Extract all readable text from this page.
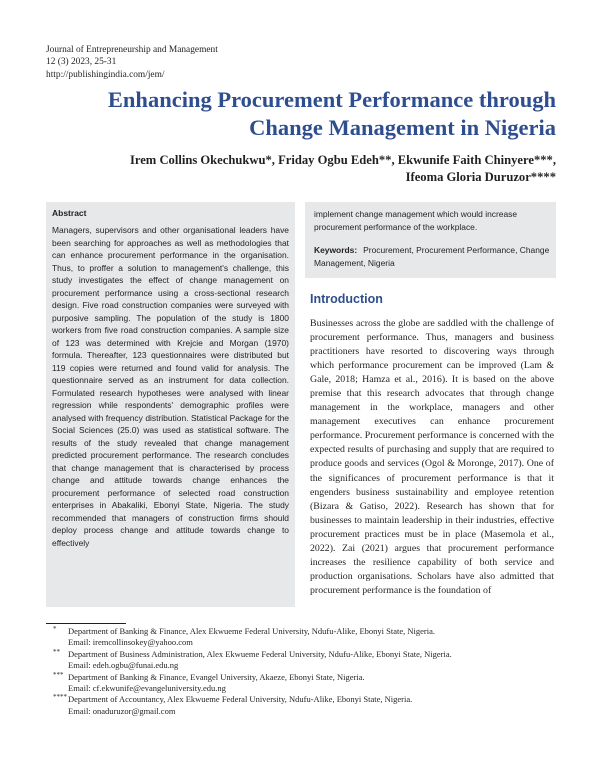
Journal of Entrepreneurship and Management
12 (3) 2023, 25-31
http://publishingindia.com/jem/
Enhancing Procurement Performance through
Change Management in Nigeria
Irem Collins Okechukwu*, Friday Ogbu Edeh**, Ekwunife Faith Chinyere***,
Ifeoma Gloria Duruzor****
Abstract
Managers, supervisors and other organisational leaders have been searching for approaches as well as methodologies that can enhance procurement performance in the organisation. Thus, to proffer a solution to management's challenge, this study investigates the effect of change management on procurement performance using a cross-sectional research design. Five road construction companies were surveyed with purposive sampling. The population of the study is 1800 workers from five road construction companies. A sample size of 123 was determined with Krejcie and Morgan (1970) formula. Thereafter, 123 questionnaires were distributed but 119 copies were returned and found valid for analysis. The questionnaire served as an instrument for data collection. Formulated research hypotheses were analysed with linear regression while respondents' demographic profiles were analysed with frequency distribution. Statistical Package for the Social Sciences (25.0) was used as statistical software. The results of the study revealed that change management predicted procurement performance. The research concludes that change management that is characterised by process change and attitude towards change enhances the procurement performance of selected road construction enterprises in Abakaliki, Ebonyi State, Nigeria. The study recommended that managers of construction firms should deploy process change and attitude towards change to effectively
implement change management which would increase procurement performance of the workplace.
Keywords: Procurement, Procurement Performance, Change Management, Nigeria
Introduction
Businesses across the globe are saddled with the challenge of procurement performance. Thus, managers and business practitioners have resorted to discovering ways through which performance procurement can be improved (Lam & Gale, 2018; Hamza et al., 2016). It is based on the above premise that this research advocates that through change management in the workplace, managers and other management executives can enhance procurement performance. Procurement performance is concerned with the expected results of purchasing and supply that are required to produce goods and services (Ogol & Moronge, 2017). One of the significances of procurement performance is that it engenders business sustainability and employee retention (Bizara & Gatiso, 2022). Research has shown that for businesses to maintain leadership in their industries, effective procurement practices must be in place (Masemola et al., 2022). Zai (2021) argues that procurement performance increases the resilience capability of both service and production organisations. Scholars have also admitted that procurement performance is the foundation of
* Department of Banking & Finance, Alex Ekwueme Federal University, Ndufu-Alike, Ebonyi State, Nigeria.
Email: iremcollinsokey@yahoo.com
** Department of Business Administration, Alex Ekwueme Federal University, Ndufu-Alike, Ebonyi State, Nigeria.
Email: edeh.ogbu@funai.edu.ng
*** Department of Banking & Finance, Evangel University, Akaeze, Ebonyi State, Nigeria.
Email: cf.ekwunife@evangeluniversity.edu.ng
**** Department of Accountancy, Alex Ekwueme Federal University, Ndufu-Alike, Ebonyi State, Nigeria.
Email: onaduruzor@gmail.com
